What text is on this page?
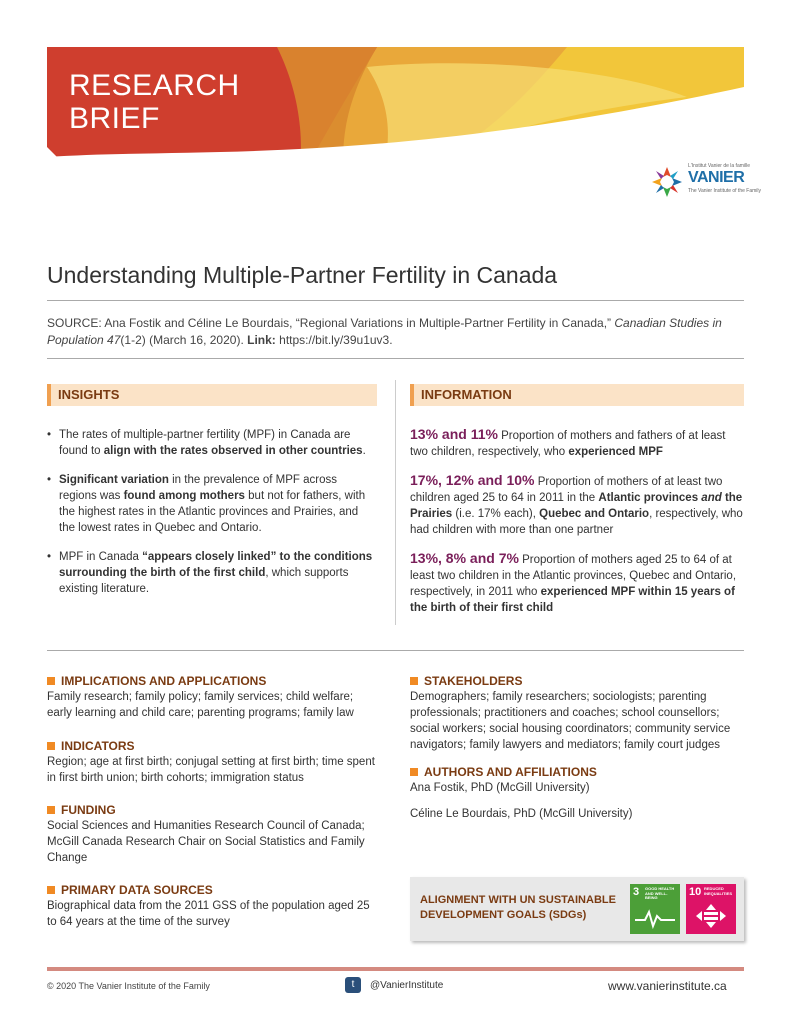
RESEARCH
BRIEF
L'Institut Vanier de la famille
VANIER
The Vanier Institute of the Family
Understanding Multiple-Partner Fertility in Canada
SOURCE: Ana Fostik and Céline Le Bourdais, “Regional Variations in Multiple-Partner Fertility in Canada,” Canadian Studies in Population 47(1-2) (March 16, 2020). Link: https://bit.ly/39u1uv3.
INSIGHTS
• The rates of multiple-partner fertility (MPF) in Canada are found to align with the rates observed in other countries.
• Significant variation in the prevalence of MPF across regions was found among mothers but not for fathers, with the highest rates in the Atlantic provinces and Prairies, and the lowest rates in Quebec and Ontario.
• MPF in Canada “appears closely linked” to the conditions surrounding the birth of the first child, which supports existing literature.
INFORMATION
13% and 11% Proportion of mothers and fathers of at least two children, respectively, who experienced MPF
17%, 12% and 10% Proportion of mothers of at least two children aged 25 to 64 in 2011 in the Atlantic provinces and the Prairies (i.e. 17% each), Quebec and Ontario, respectively, who had children with more than one partner
13%, 8% and 7% Proportion of mothers aged 25 to 64 of at least two children in the Atlantic provinces, Quebec and Ontario, respectively, in 2011 who experienced MPF within 15 years of the birth of their first child
IMPLICATIONS AND APPLICATIONS
Family research; family policy; family services; child welfare; early learning and child care; parenting programs; family law
INDICATORS
Region; age at first birth; conjugal setting at first birth; time spent in first birth union; birth cohorts; immigration status
FUNDING
Social Sciences and Humanities Research Council of Canada; McGill Canada Research Chair on Social Statistics and Family Change
PRIMARY DATA SOURCES
Biographical data from the 2011 GSS of the population aged 25 to 64 years at the time of the survey
STAKEHOLDERS
Demographers; family researchers; sociologists; parenting professionals; practitioners and coaches; school counsellors; social workers; social housing coordinators; community service navigators; family lawyers and mediators; family court judges
AUTHORS AND AFFILIATIONS
Ana Fostik, PhD (McGill University)
Céline Le Bourdais, PhD (McGill University)
ALIGNMENT WITH UN SUSTAINABLE DEVELOPMENT GOALS (SDGs)
3 GOOD HEALTH AND WELL-BEING	10 REDUCED INEQUALITIES
© 2020 The Vanier Institute of the Family	t	@VanierInstitute	www.vanierinstitute.ca
